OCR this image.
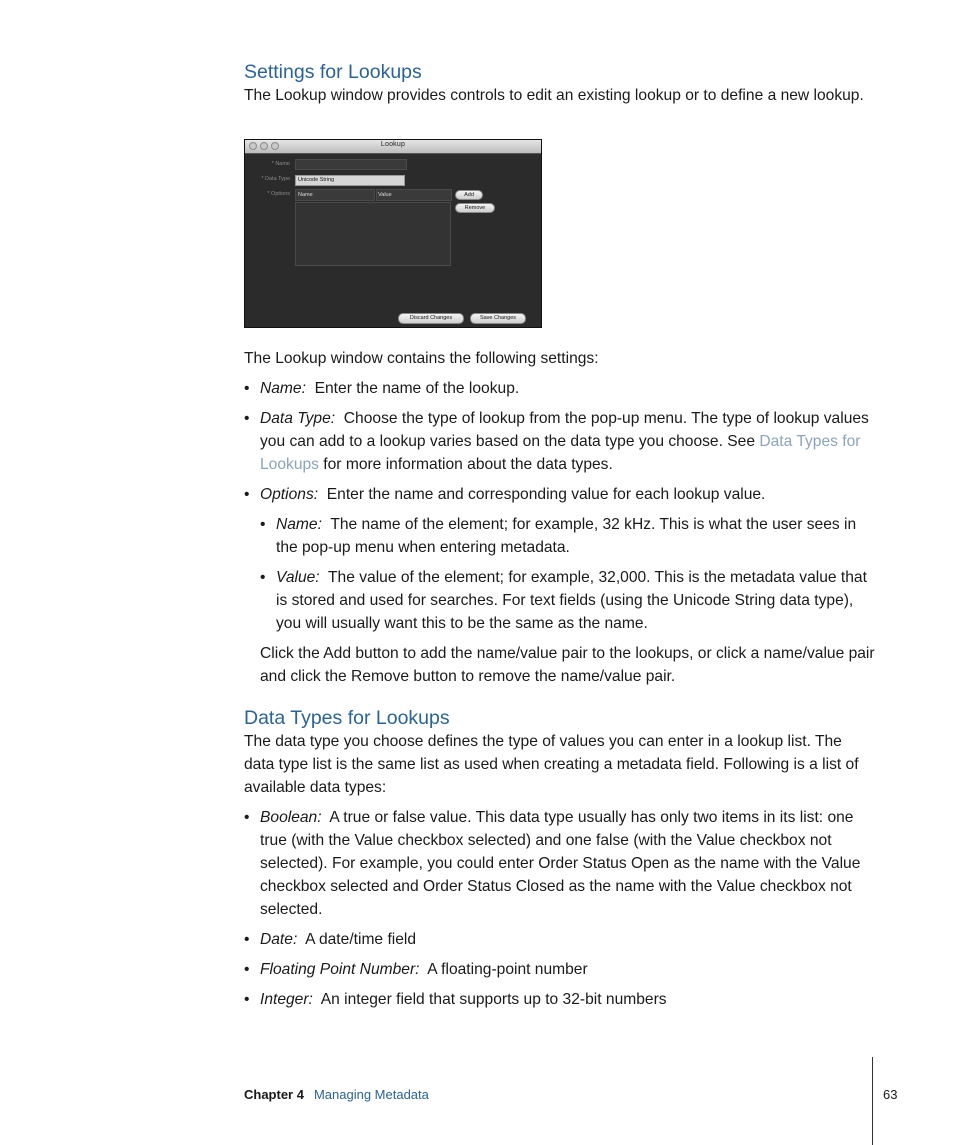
Settings for Lookups

The Lookup window provides controls to edit an existing lookup or to define a new lookup.

Lookup
* Name
* Data Type	Unicode String
* Options Name	Value	Add
Remove
Discard Changes	Save Changes

The Lookup window contains the following settings:

• Name: Enter the name of the lookup.
• Data Type: Choose the type of lookup from the pop-up menu. The type of lookup values you can add to a lookup varies based on the data type you choose. See Data Types for Lookups for more information about the data types.
• Options: Enter the name and corresponding value for each lookup value.
• Name: The name of the element; for example, 32 kHz. This is what the user sees in the pop-up menu when entering metadata.
• Value: The value of the element; for example, 32,000. This is the metadata value that is stored and used for searches. For text fields (using the Unicode String data type), you will usually want this to be the same as the name.

Click the Add button to add the name/value pair to the lookups, or click a name/value pair and click the Remove button to remove the name/value pair.

Data Types for Lookups

The data type you choose defines the type of values you can enter in a lookup list. The data type list is the same list as used when creating a metadata field. Following is a list of available data types:

• Boolean: A true or false value. This data type usually has only two items in its list: one true (with the Value checkbox selected) and one false (with the Value checkbox not selected). For example, you could enter Order Status Open as the name with the Value checkbox selected and Order Status Closed as the name with the Value checkbox not selected.
• Date: A date/time field
• Floating Point Number: A floating-point number
• Integer: An integer field that supports up to 32-bit numbers
Chapter 4 Managing Metadata	63
